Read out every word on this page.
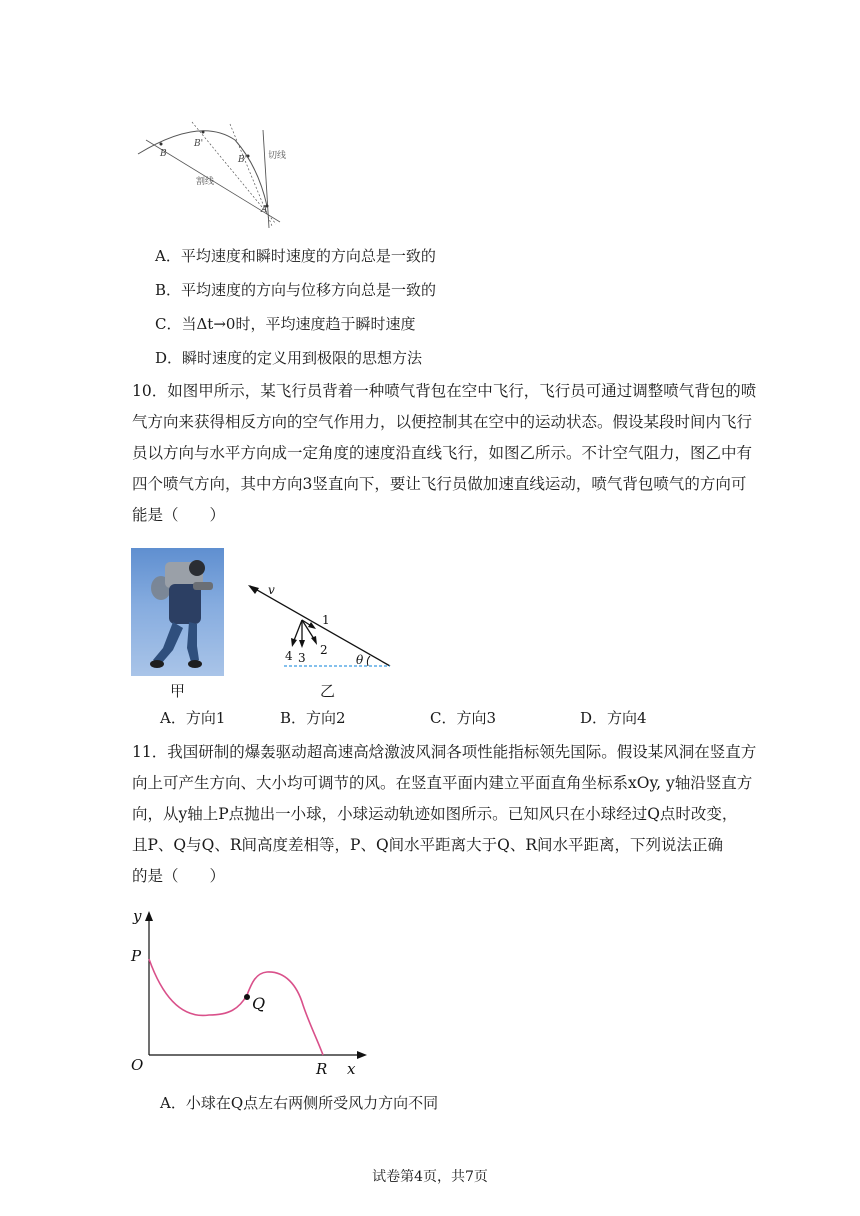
B
B'
B"
A
切线
割线
A．平均速度和瞬时速度的方向总是一致的
B．平均速度的方向与位移方向总是一致的
C．当Δt→0时，平均速度趋于瞬时速度
D．瞬时速度的定义用到极限的思想方法
10．如图甲所示，某飞行员背着一种喷气背包在空中飞行，飞行员可通过调整喷气背包的喷
气方向来获得相反方向的空气作用力，以便控制其在空中的运动状态。假设某段时间内飞行
员以方向与水平方向成一定角度的速度沿直线飞行，如图乙所示。不计空气阻力，图乙中有
四个喷气方向，其中方向3竖直向下，要让飞行员做加速直线运动，喷气背包喷气的方向可
能是（　　）
甲
v
1
2
3
4	θ
乙
A．方向1	B．方向2	C．方向3	D．方向4
11．我国研制的爆轰驱动超高速高焓激波风洞各项性能指标领先国际。假设某风洞在竖直方
向上可产生方向、大小均可调节的风。在竖直平面内建立平面直角坐标系xOy, y轴沿竖直方
向，从y轴上P点抛出一小球，小球运动轨迹如图所示。已知风只在小球经过Q点时改变，
且P、Q与Q、R间高度差相等，P、Q间水平距离大于Q、R间水平距离，下列说法正确
的是（　　）
y
P
Q
O	R x
A．小球在Q点左右两侧所受风力方向不同
试卷第4页，共7页
